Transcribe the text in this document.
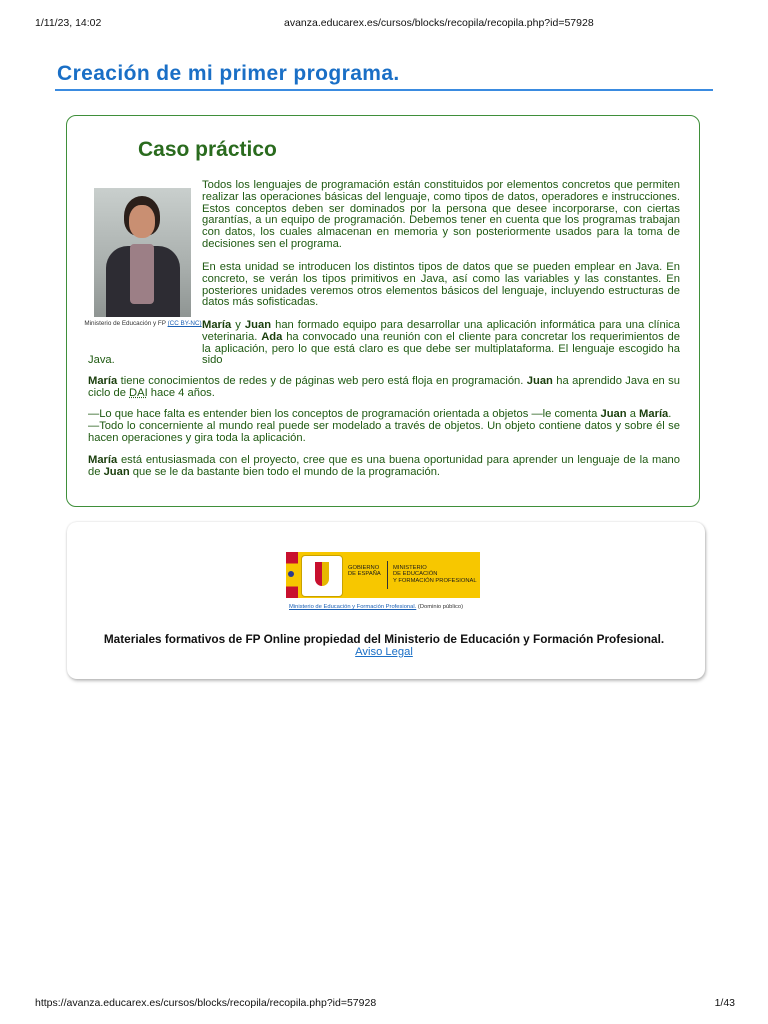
1/11/23, 14:02	avanza.educarex.es/cursos/blocks/recopila/recopila.php?id=57928
Creación de mi primer programa.
Caso práctico
Ministerio de Educación y FP (CC BY-NC)

Todos los lenguajes de programación están constituidos por elementos concretos que permiten realizar las operaciones básicas del lenguaje, como tipos de datos, operadores e instrucciones. Estos conceptos deben ser dominados por la persona que desee incorporarse, con ciertas garantías, a un equipo de programación. Debemos tener en cuenta que los programas trabajan con datos, los cuales almacenan en memoria y son posteriormente usados para la toma de decisiones sen el programa.

En esta unidad se introducen los distintos tipos de datos que se pueden emplear en Java. En concreto, se verán los tipos primitivos en Java, así como las variables y las constantes. En posteriores unidades veremos otros elementos básicos del lenguaje, incluyendo estructuras de datos más sofisticadas.

María y Juan han formado equipo para desarrollar una aplicación informática para una clínica veterinaria. Ada ha convocado una reunión con el cliente para concretar los requerimientos de la aplicación, pero lo que está claro es que debe ser multiplataforma. El lenguaje escogido ha sido

Java.

María tiene conocimientos de redes y de páginas web pero está floja en programación. Juan ha aprendido Java en su ciclo de DAI hace 4 años.

—Lo que hace falta es entender bien los conceptos de programación orientada a objetos —le comenta Juan a María.
—Todo lo concerniente al mundo real puede ser modelado a través de objetos. Un objeto contiene datos y sobre él se hacen operaciones y gira toda la aplicación.

María está entusiasmada con el proyecto, cree que es una buena oportunidad para aprender un lenguaje de la mano de Juan que se le da bastante bien todo el mundo de la programación.

GOBIERNO
DE ESPAÑA
MINISTERIO
DE EDUCACIÓN
Y FORMACIÓN PROFESIONAL
Ministerio de Educación y Formación Profesional. (Dominio público)
Materiales formativos de FP Online propiedad del Ministerio de Educación y Formación Profesional.
Aviso Legal
https://avanza.educarex.es/cursos/blocks/recopila/recopila.php?id=57928	1/43
